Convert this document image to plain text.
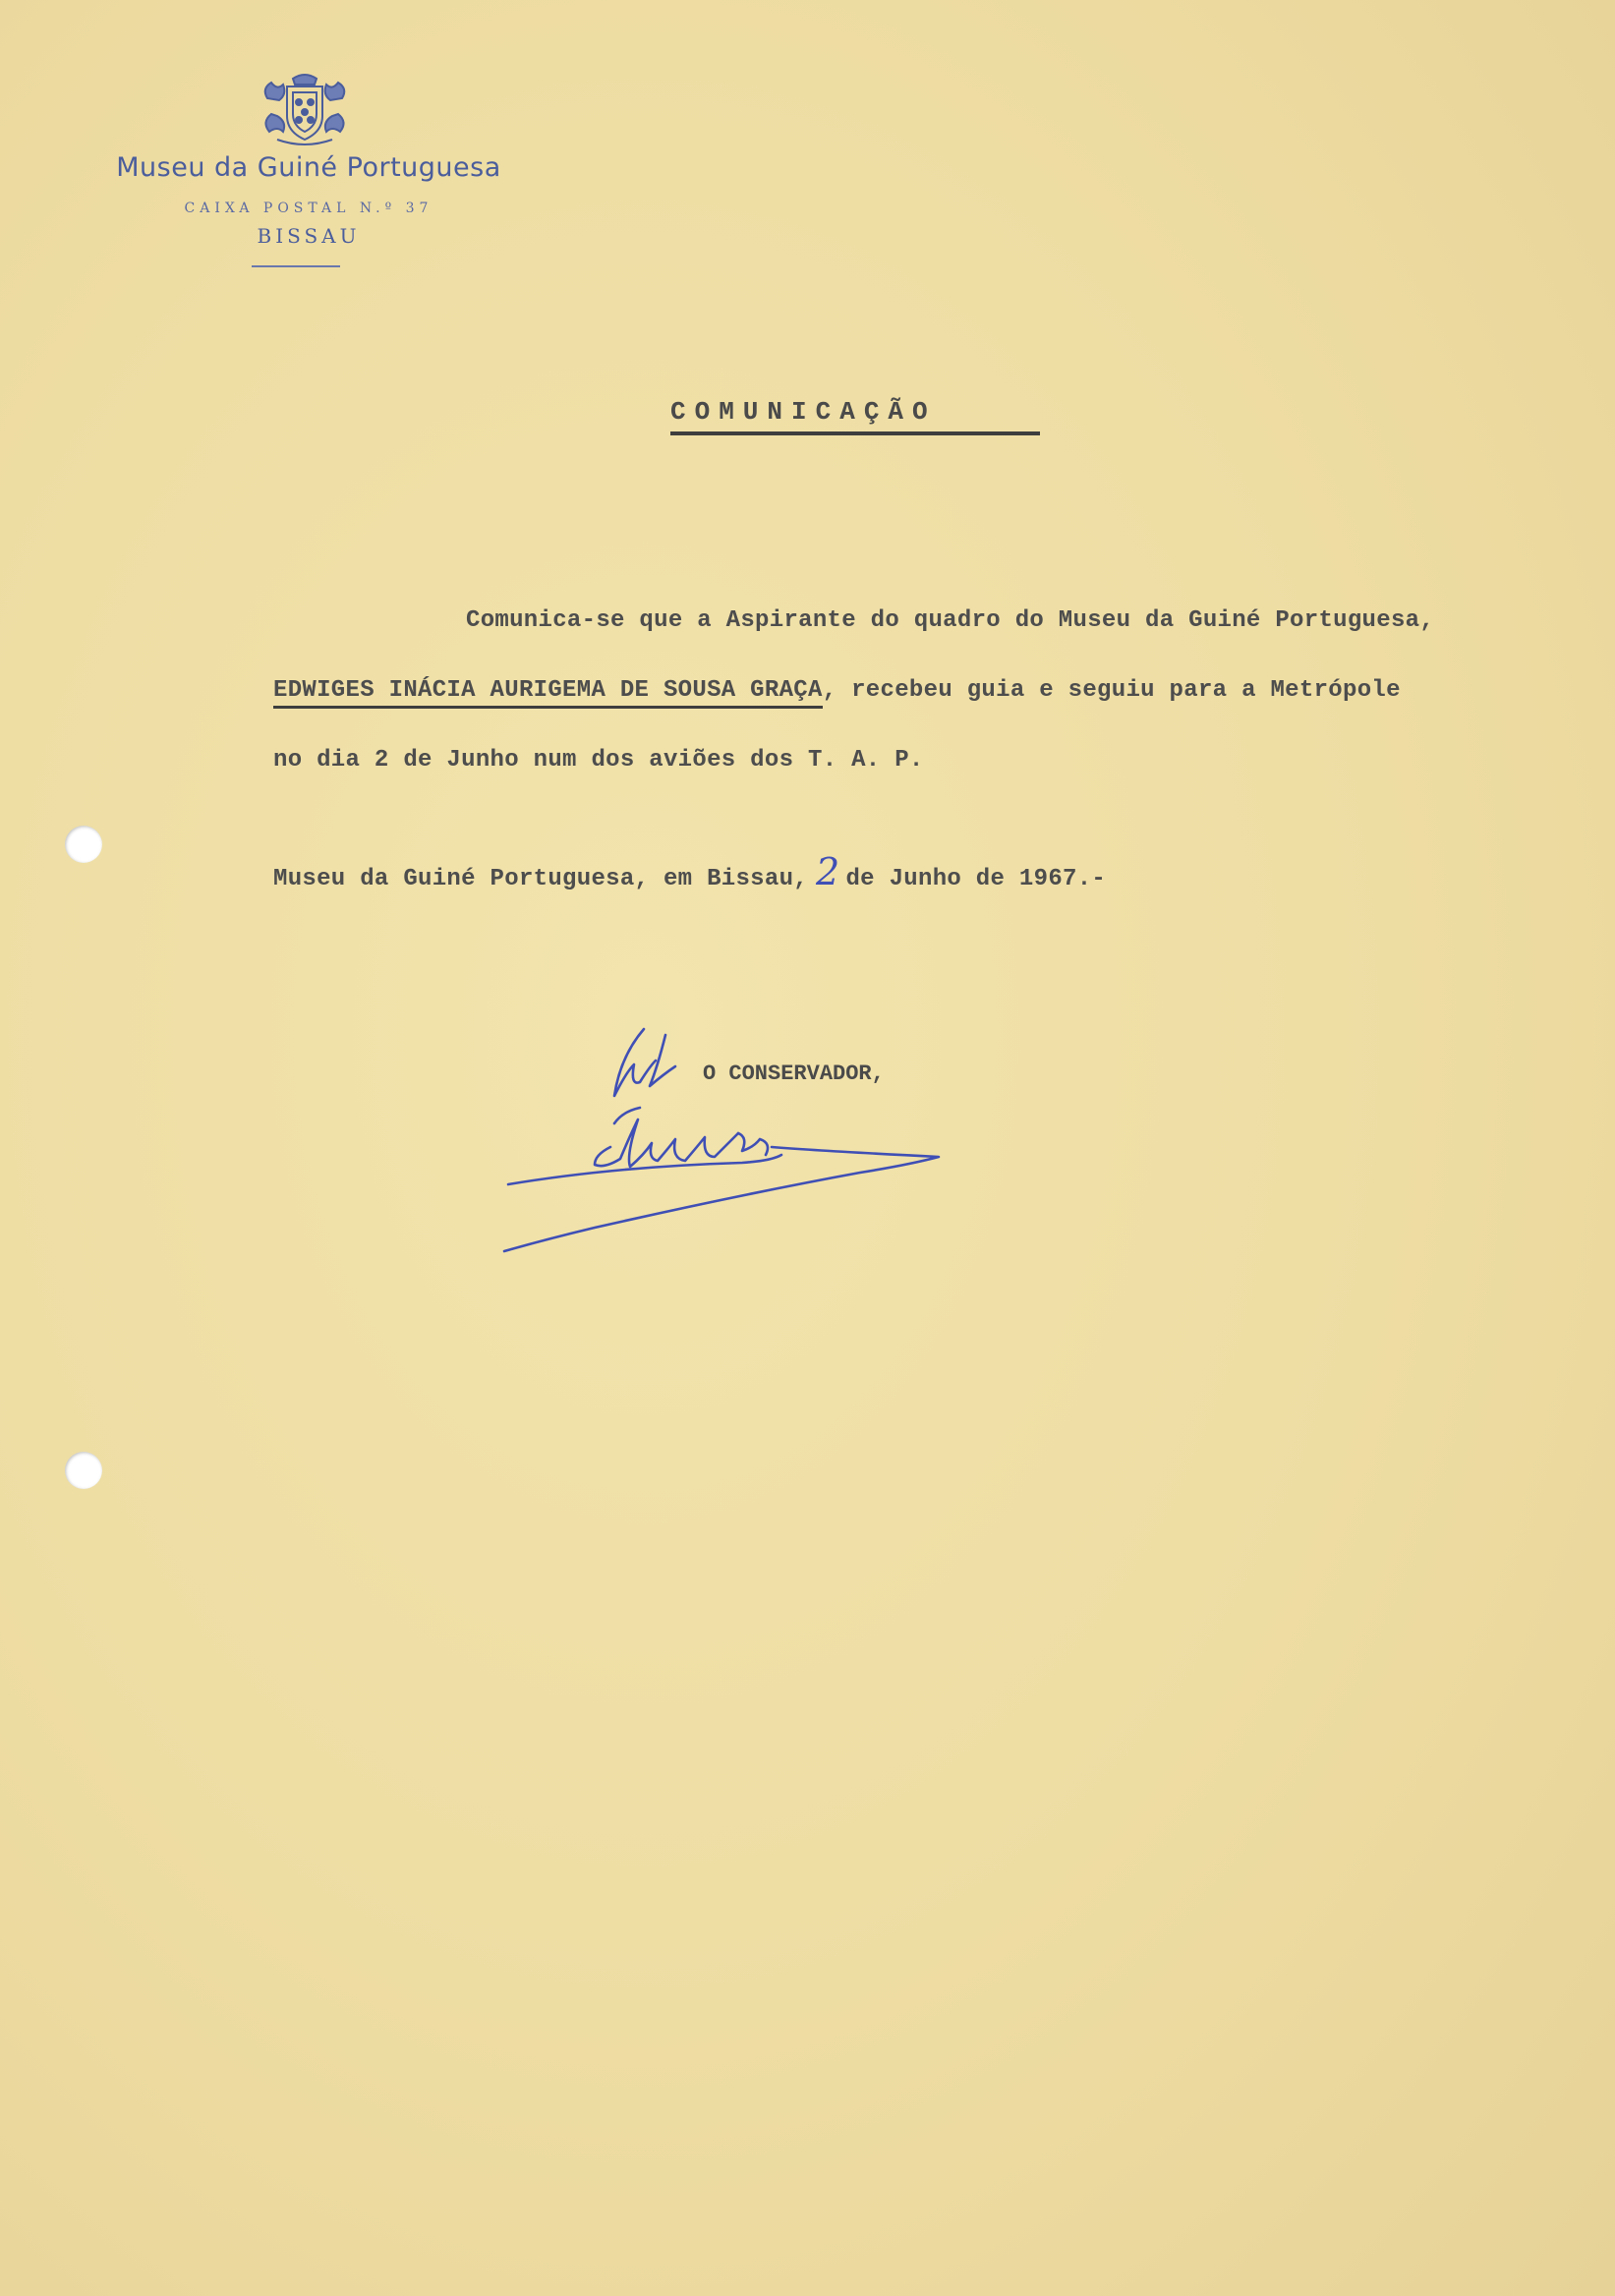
Museu da Guiné Portuguesa
CAIXA POSTAL N.º 37
BISSAU
COMUNICAÇÃO
Comunica-se que a Aspirante do quadro do Museu da Guiné Portuguesa,
EDWIGES INÁCIA AURIGEMA DE SOUSA GRAÇA, recebeu guia e seguiu para a Metrópole
no dia 2 de Junho num dos aviões dos T. A. P.
Museu da Guiné Portuguesa, em Bissau, 2 de Junho de 1967.-
O CONSERVADOR,
